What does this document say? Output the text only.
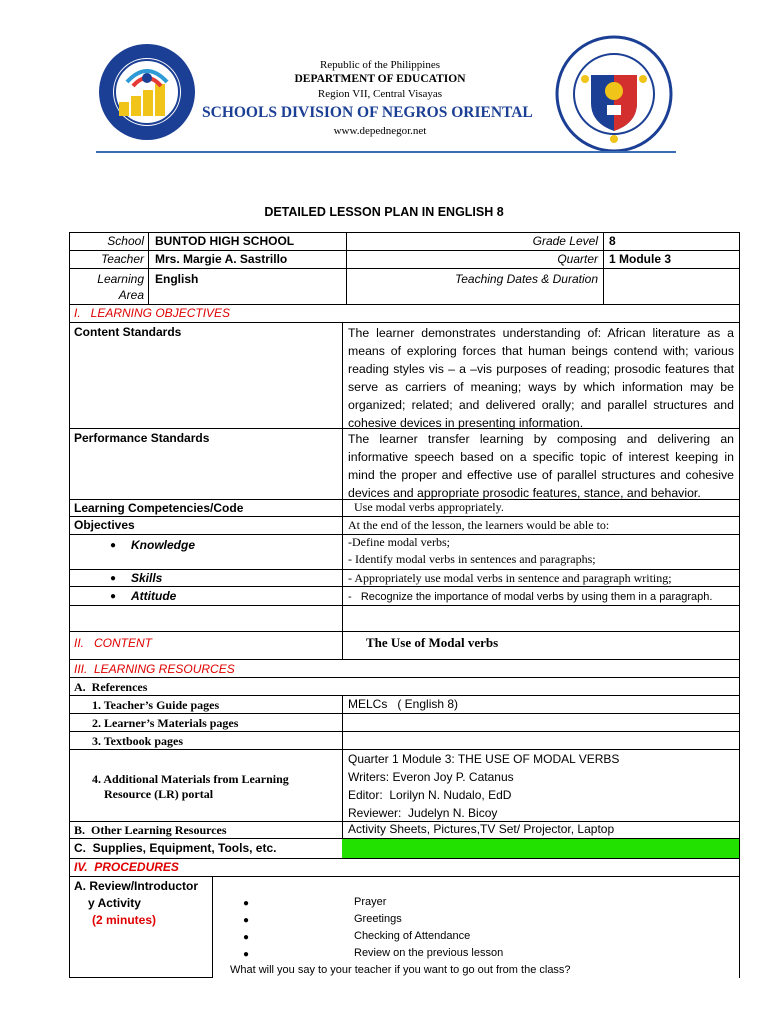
DEPARTMENT OF EDUCATION · DIVISION OF NEGROS ORIENTAL
Republic of the Philippines
DEPARTMENT OF EDUCATION
Region VII, Central Visayas
SCHOOLS DIVISION OF NEGROS ORIENTAL
www.depednegor.net
KAGAWARAN NG EDUKASYON · REPUBLIKA NG PILIPINAS
DETAILED LESSON PLAN IN ENGLISH 8
School BUNTOD HIGH SCHOOL	Grade Level 8
Teacher Mrs. Margie A. Sastrillo	Quarter 1 Module 3
Learning
Area
English	Teaching Dates & Duration
I.   LEARNING OBJECTIVES
Content Standards	The learner demonstrates understanding of: African literature as a means of exploring forces that human beings contend with; various reading styles vis – a –vis purposes of reading; prosodic features that serve as carriers of meaning; ways by which information may be organized; related; and delivered orally; and parallel structures and cohesive devices in presenting information.
Performance Standards	The learner transfer learning by composing and delivering an informative speech based on a specific topic of interest keeping in mind the proper and effective use of parallel structures and cohesive devices and appropriate prosodic features, stance, and behavior.
Learning Competencies/Code	Use modal verbs appropriately.
Objectives	At the end of the lesson, the learners would be able to:
● Knowledge	-Define modal verbs;
- Identify modal verbs in sentences and paragraphs;
● Skills	- Appropriately use modal verbs in sentence and paragraph writing;
● Attitude	-   Recognize the importance of modal verbs by using them in a paragraph.
II.   CONTENT	The Use of Modal verbs
III.  LEARNING RESOURCES
A.  References
1. Teacher’s Guide pages	MELCs   ( English 8)
2. Learner’s Materials pages
3. Textbook pages
4. Additional Materials from Learning
Resource (LR) portal
Quarter 1 Module 3: THE USE OF MODAL VERBS
Writers: Everon Joy P. Catanus
Editor:  Lorilyn N. Nudalo, EdD
Reviewer:  Judelyn N. Bicoy
B.  Other Learning Resources	Activity Sheets, Pictures,TV Set/ Projector, Laptop
C.  Supplies, Equipment, Tools, etc.
IV.  PROCEDURES
A. Review/Introductor
y Activity
(2 minutes)
●	Prayer
●	Greetings
●	Checking of Attendance
●	Review on the previous lesson
What will you say to your teacher if you want to go out from the class?
